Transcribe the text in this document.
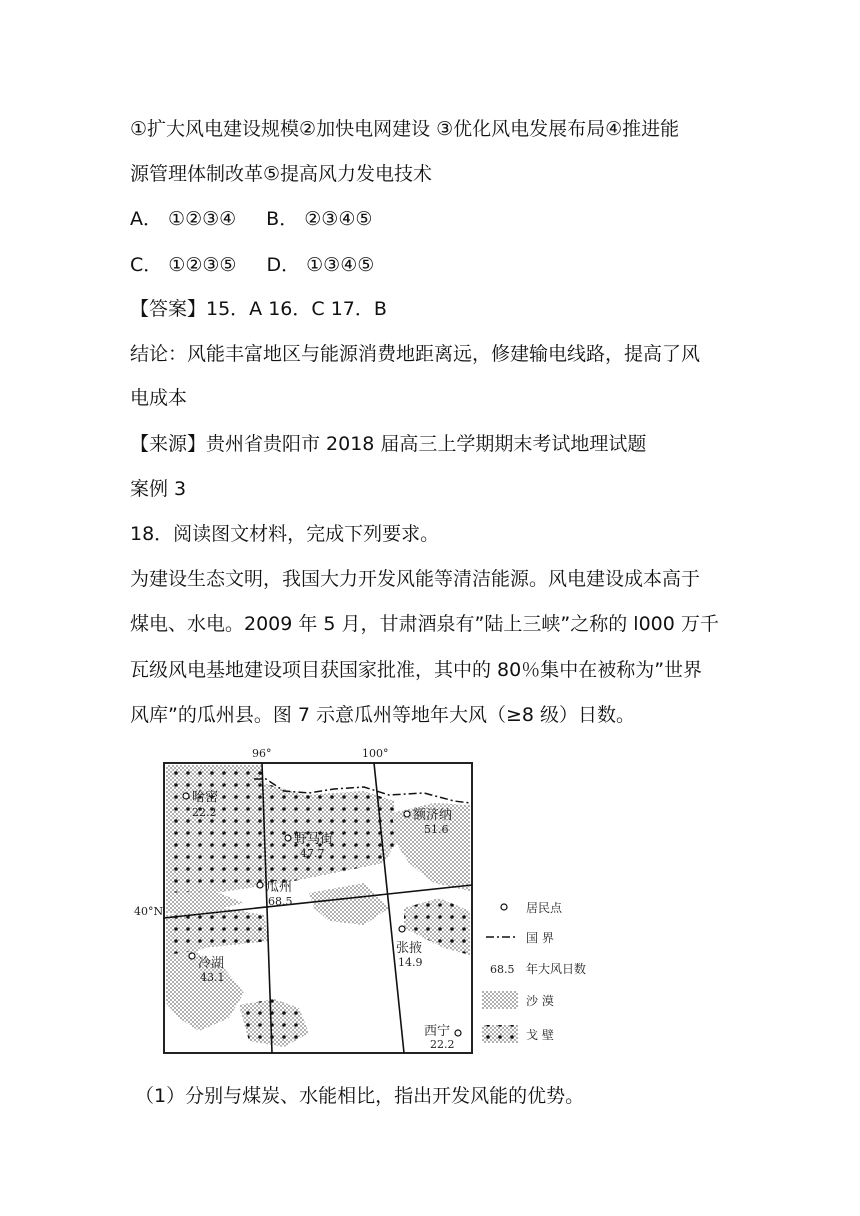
①扩大风电建设规模②加快电网建设 ③优化风电发展布局④推进能
源管理体制改革⑤提高风力发电技术
A． ①②③④ B． ②③④⑤
C． ①②③⑤ D． ①③④⑤
【答案】15．A 16．C 17．B
结论：风能丰富地区与能源消费地距离远，修建输电线路，提高了风
电成本
【来源】贵州省贵阳市 2018 届高三上学期期末考试地理试题
案例 3
18．阅读图文材料，完成下列要求。
为建设生态文明，我国大力开发风能等清洁能源。风电建设成本高于
煤电、水电。2009 年 5 月，甘肃酒泉有”陆上三峡”之称的 l000 万千
瓦级风电基地建设项目获国家批准，其中的 80％集中在被称为”世界
风库”的瓜州县。图 7 示意瓜州等地年大风（≥8 级）日数。
96°	100°
40°N
哈密
22.2
野马街
47.7
额济纳
51.6
瓜州
68.5
冷湖
43.1
张掖
14.9
西宁
22.2
居民点
国 界
68.5 年大风日数
沙 漠
戈 壁
（1）分别与煤炭、水能相比，指出开发风能的优势。
